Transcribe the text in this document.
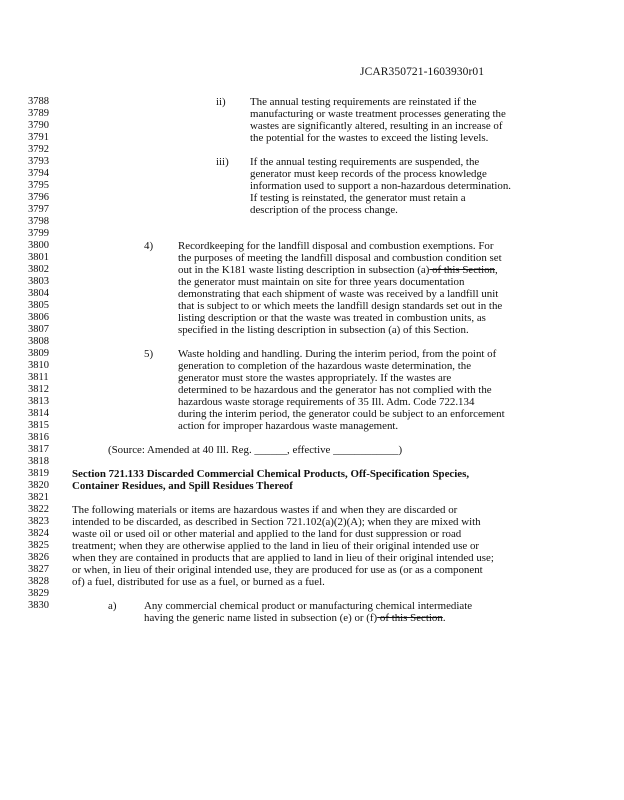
JCAR350721-1603930r01
3788
3789
3790
3791
3792
3793
3794
3795
3796
3797
3798
3799
3800
3801
3802
3803
3804
3805
3806
3807
3808
3809
3810
3811
3812
3813
3814
3815
3816
3817
3818
3819
3820
3821
3822
3823
3824
3825
3826
3827
3828
3829
3830
ii) The annual testing requirements are reinstated if the
manufacturing or waste treatment processes generating the
wastes are significantly altered, resulting in an increase of
the potential for the wastes to exceed the listing levels.
iii) If the annual testing requirements are suspended, the
generator must keep records of the process knowledge
information used to support a non-hazardous determination.
If testing is reinstated, the generator must retain a
description of the process change.
4) Recordkeeping for the landfill disposal and combustion exemptions. For
the purposes of meeting the landfill disposal and combustion condition set
out in the K181 waste listing description in subsection (a) of this Section,
the generator must maintain on site for three years documentation
demonstrating that each shipment of waste was received by a landfill unit
that is subject to or which meets the landfill design standards set out in the
listing description or that the waste was treated in combustion units, as
specified in the listing description in subsection (a) of this Section.
5) Waste holding and handling. During the interim period, from the point of
generation to completion of the hazardous waste determination, the
generator must store the wastes appropriately. If the wastes are
determined to be hazardous and the generator has not complied with the
hazardous waste storage requirements of 35 Ill. Adm. Code 722.134
during the interim period, the generator could be subject to an enforcement
action for improper hazardous waste management.
(Source: Amended at 40 Ill. Reg. ______, effective ____________)
Section 721.133 Discarded Commercial Chemical Products, Off-Specification Species,
Container Residues, and Spill Residues Thereof
The following materials or items are hazardous wastes if and when they are discarded or
intended to be discarded, as described in Section 721.102(a)(2)(A); when they are mixed with
waste oil or used oil or other material and applied to the land for dust suppression or road
treatment; when they are otherwise applied to the land in lieu of their original intended use or
when they are contained in products that are applied to land in lieu of their original intended use;
or when, in lieu of their original intended use, they are produced for use as (or as a component
of) a fuel, distributed for use as a fuel, or burned as a fuel.
a)	Any commercial chemical product or manufacturing chemical intermediate
having the generic name listed in subsection (e) or (f) of this Section.
